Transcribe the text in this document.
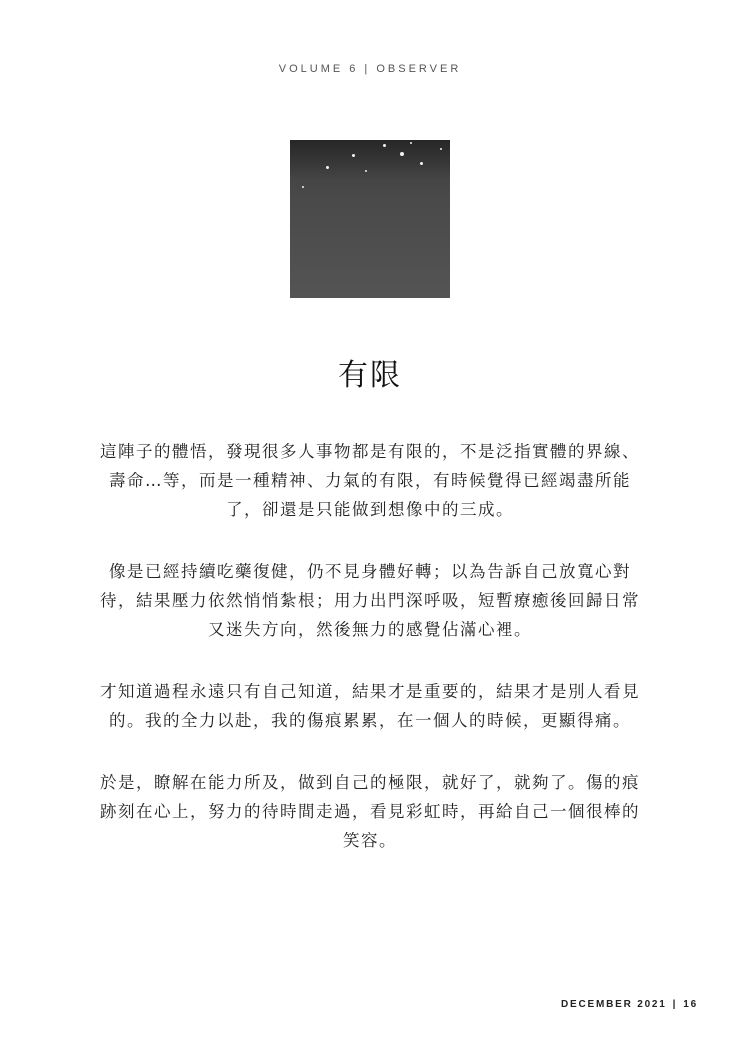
VOLUME 6 | OBSERVER
有限

這陣子的體悟，發現很多人事物都是有限的，不是泛指實體的界線、壽命…等，而是一種精神、力氣的有限，有時候覺得已經竭盡所能了，卻還是只能做到想像中的三成。

像是已經持續吃藥復健，仍不見身體好轉；以為告訴自己放寬心對待，結果壓力依然悄悄紮根；用力出門深呼吸，短暫療癒後回歸日常又迷失方向，然後無力的感覺佔滿心裡。

才知道過程永遠只有自己知道，結果才是重要的，結果才是別人看見的。我的全力以赴，我的傷痕累累，在一個人的時候，更顯得痛。

於是，瞭解在能力所及，做到自己的極限，就好了，就夠了。傷的痕跡刻在心上，努力的待時間走過，看見彩虹時，再給自己一個很棒的笑容。

DECEMBER 2021 | 16
